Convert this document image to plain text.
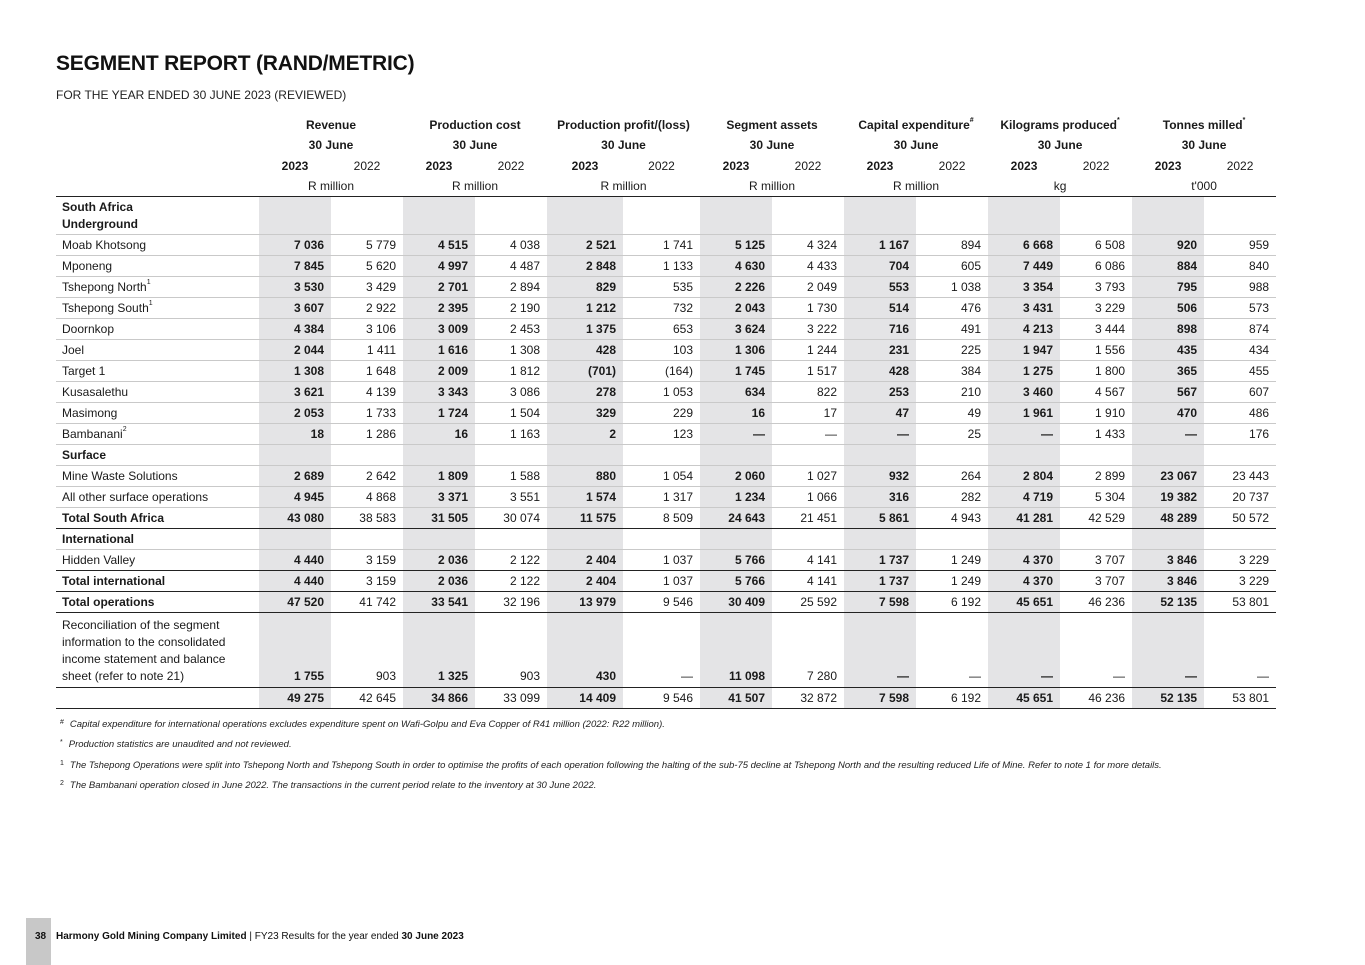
SEGMENT REPORT (RAND/METRIC)
FOR THE YEAR ENDED 30 JUNE 2023 (REVIEWED)
	Revenue		Production cost		Production profit/(loss)		Segment assets		Capital expenditure#		Kilograms produced*		Tonnes milled*
	30 June		30 June		30 June		30 June		30 June		30 June		30 June	
	2023	2022	2023	2022	2023	2022	2023	2022	2023	2022	2023	2022	2023	2022
	R million		R million		R million		R million		R million		kg		t'000	

South Africa
Underground														

Moab Khotsong	7 036	5 779	4 515	4 038	2 521	1 741	5 125	4 324	1 167	894	6 668	6 508	920	959
Mponeng	7 845	5 620	4 997	4 487	2 848	1 133	4 630	4 433	704	605	7 449	6 086	884	840
Tshepong North$^1$	3 530	3 429	2 701	2 894	829	535	2 226	2 049	553	1 038	3 354	3 793	795	988
Tshepong South$^1$	3 607	2 922	2 395	2 190	1 212	732	2 043	1 730	514	476	3 431	3 229	506	573
Doornkop	4 384	3 106	3 009	2 453	1 375	653	3 624	3 222	716	491	4 213	3 444	898	874
Joel	2 044	1 411	1 616	1 308	428	103	1 306	1 244	231	225	1 947	1 556	435	434
Target 1	1 308	1 648	2 009	1 812	(701)	(164)	1 745	1 517	428	384	1 275	1 800	365	455
Kusasalethu	3 621	4 139	3 343	3 086	278	1 053	634	822	253	210	3 460	4 567	567	607
Masimong	2 053	1 733	1 724	1 504	329	229	16	17	47	49	1 961	1 910	470	486
Bambanani$^2$	18	1 286	16	1 163	2	123	—	—	—	25	—	1 433	—	176
Surface														
Mine Waste Solutions	2 689	2 642	1 809	1 588	880	1 054	2 060	1 027	932	264	2 804	2 899	23 067	23 443
All other surface operations	4 945	4 868	3 371	3 551	1 574	1 317	1 234	1 066	316	282	4 719	5 304	19 382	20 737
Total South Africa	43 080	38 583	31 505	30 074	11 575	8 509	24 643	21 451	5 861	4 943	41 281	42 529	48 289	50 572
International														
Hidden Valley	4 440	3 159	2 036	2 122	2 404	1 037	5 766	4 141	1 737	1 249	4 370	3 707	3 846	3 229
Total international	4 440	3 159	2 036	2 122	2 404	1 037	5 766	4 141	1 737	1 249	4 370	3 707	3 846	3 229
Total operations	47 520	41 742	33 541	32 196	13 979	9 546	30 409	25 592	7 598	6 192	45 651	46 236	52 135	53 801

Reconciliation of the segment
information to the consolidated
income statement and balance
sheet (refer to note 21)	1 755	903	1 325	903	430	—	11 098	7 280	—	—	—	—	—	—
	49 275	42 645	34 866	33 099	14 409	9 546	41 507	32 872	7 598	6 192	45 651	46 236	52 135	53 801
# Capital expenditure for international operations excludes expenditure spent on Wafi-Golpu and Eva Copper of R41 million (2022: R22 million).
* Production statistics are unaudited and not reviewed.
$^1$ The Tshepong Operations were split into Tshepong North and Tshepong South in order to optimise the profits of each operation following the halting of the sub-75 decline at Tshepong North and the resulting reduced Life of Mine. Refer to note 1 for more details.
$^2$ The Bambanani operation closed in June 2022. The transactions in the current period relate to the inventory at 30 June 2022.
38 Harmony Gold Mining Company Limited | FY23 Results for the year ended 30 June 2023
